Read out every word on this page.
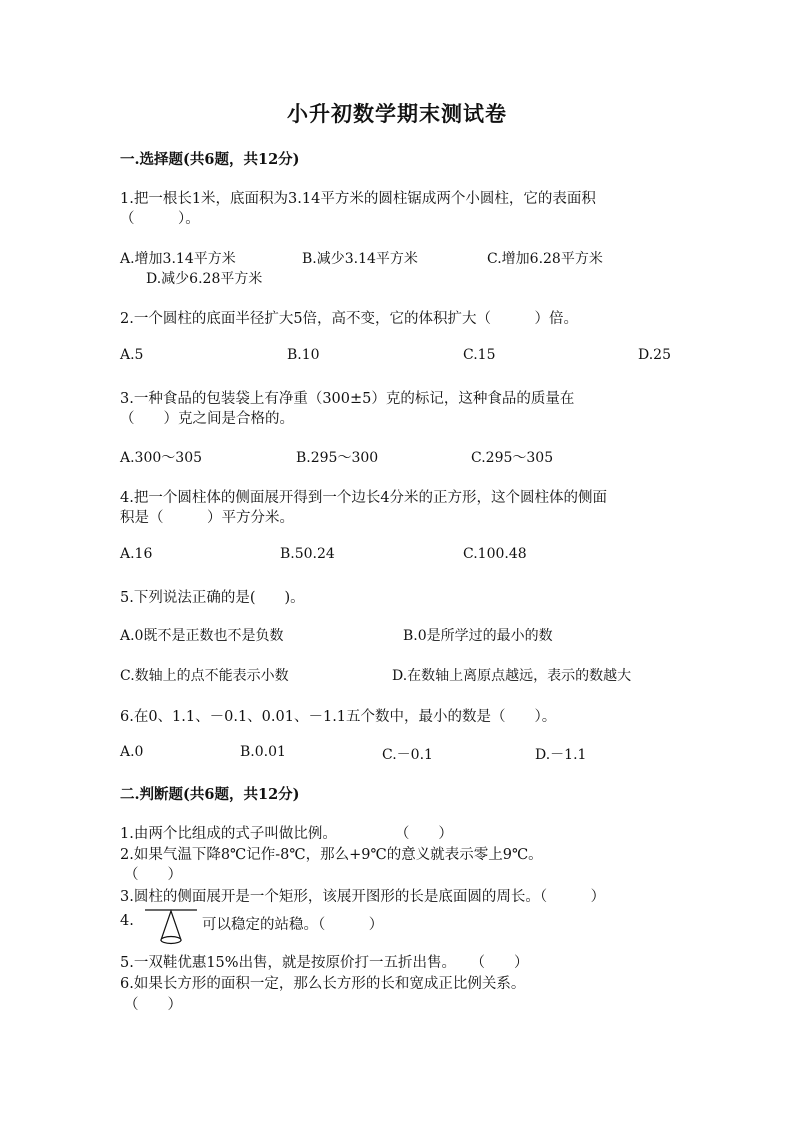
小升初数学期末测试卷
一.选择题(共6题，共12分)
1.把一根长1米，底面积为3.14平方米的圆柱锯成两个小圆柱，它的表面积
（　　　）。
A.增加3.14平方米	B.减少3.14平方米	C.增加6.28平方米
D.减少6.28平方米
2.一个圆柱的底面半径扩大5倍，高不变，它的体积扩大（　　　）倍。
A.5	B.10	C.15	D.25
3.一种食品的包装袋上有净重（300±5）克的标记，这种食品的质量在
（　　）克之间是合格的。
A.300～305	B.295～300	C.295～305
4.把一个圆柱体的侧面展开得到一个边长4分米的正方形，这个圆柱体的侧面
积是（　　　）平方分米。
A.16	B.50.24	C.100.48
5.下列说法正确的是(　　)。
A.0既不是正数也不是负数	B.0是所学过的最小的数
C.数轴上的点不能表示小数	D.在数轴上离原点越远，表示的数越大
6.在0、1.1、－0.1、0.01、－1.1五个数中，最小的数是（　　）。
A.0	B.0.01	C.－0.1	D.－1.1
二.判断题(共6题，共12分)
1.由两个比组成的式子叫做比例。　　　　　（　　）
2.如果气温下降8℃记作-8℃，那么+9℃的意义就表示零上9℃。
（　　）
3.圆柱的侧面展开是一个矩形，该展开图形的长是底面圆的周长。（　　　）
4.	可以稳定的站稳。（　　　）
5.一双鞋优惠15%出售，就是按原价打一五折出售。　　（　　）
6.如果长方形的面积一定，那么长方形的长和宽成正比例关系。
（　　）
